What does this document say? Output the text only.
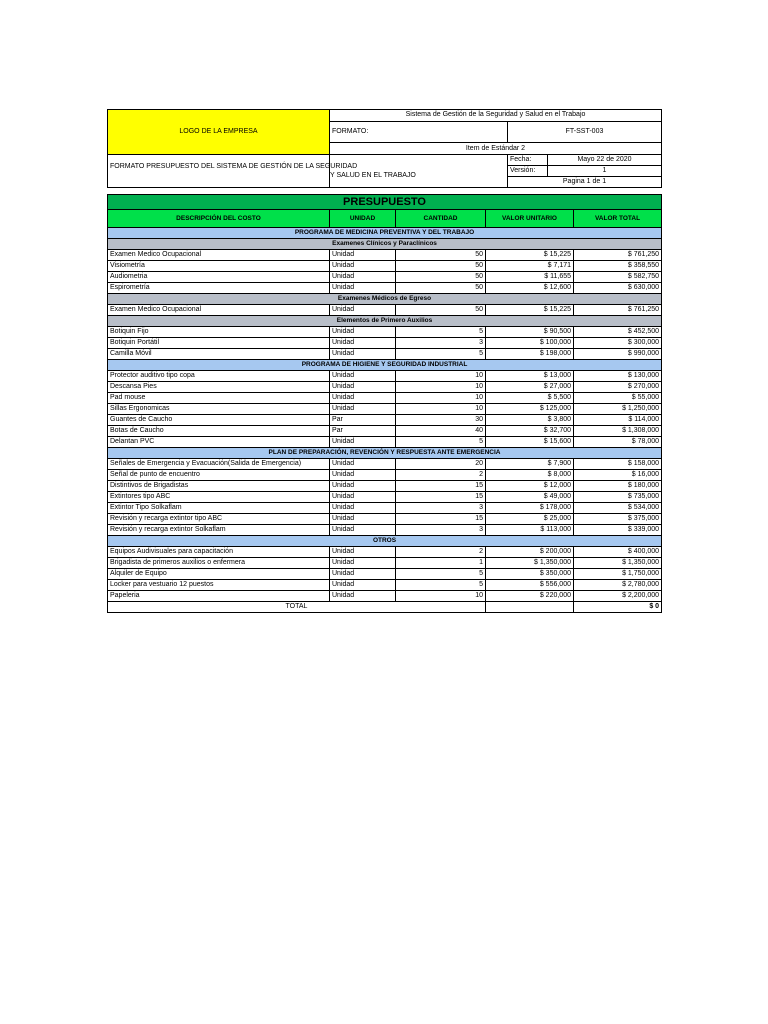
LOGO DE LA EMPRESA	Sistema de Gestión de la Seguridad y Salud en el Trabajo		
	FORMATO:	FT-SST-003	
	Item de Estándar 2		

FORMATO PRESUPUESTO DEL SISTEMA DE GESTIÓN DE LA SEGURIDAD
Y SALUD EN EL TRABAJO		Fecha:	Mayo 22 de 2020
		Versión:	1
		Pagina 1 de 1	
PRESUPUESTO				
DESCRIPCIÓN DEL COSTO	UNIDAD	CANTIDAD	VALOR UNITARIO	VALOR TOTAL
PROGRAMA DE MEDICINA PREVENTIVA Y DEL TRABAJO				
Examenes Clínicos y Paraclínicos				
Examen Medico Ocupacional	Unidad	50	$ 15,225	$ 761,250
Visiometría	Unidad	50	$ 7,171	$ 358,550
Audiometria	Unidad	50	$ 11,655	$ 582,750
Espirometría	Unidad	50	$ 12,600	$ 630,000
Examenes Médicos de Egreso				
Examen Medico Ocupacional	Unidad	50	$ 15,225	$ 761,250
Elementos de Primero Auxilios				
Botiquin Fijo	Unidad	5	$ 90,500	$ 452,500
Botiquin Portátil	Unidad	3	$ 100,000	$ 300,000
Camilla Móvil	Unidad	5	$ 198,000	$ 990,000
PROGRAMA DE HIGIENE Y SEGURIDAD INDUSTRIAL				
Protector auditivo tipo copa	Unidad	10	$ 13,000	$ 130,000
Descansa Pies	Unidad	10	$ 27,000	$ 270,000
Pad mouse	Unidad	10	$ 5,500	$ 55,000
Sillas Ergonomicas	Unidad	10	$ 125,000	$ 1,250,000
Guantes de Caucho	Par	30	$ 3,800	$ 114,000
Botas de Caucho	Par	40	$ 32,700	$ 1,308,000
Delantan PVC	Unidad	5	$ 15,600	$ 78,000
PLAN DE PREPARACIÓN, REVENCIÓN Y RESPUESTA ANTE EMERGENCIA				
Señales de Emergencia y Evacuación(Salida de Emergencia)	Unidad	20	$ 7,900	$ 158,000
Señal de punto de encuentro	Unidad	2	$ 8,000	$ 16,000
Distintivos de Brigadistas	Unidad	15	$ 12,000	$ 180,000
Extintores tipo ABC	Unidad	15	$ 49,000	$ 735,000
Extintor Tipo Solkaflam	Unidad	3	$ 178,000	$ 534,000
Revisión y recarga extintor tipo ABC	Unidad	15	$ 25,000	$ 375,000
Revisión y recarga extintor Solkaflam	Unidad	3	$ 113,000	$ 339,000
OTROS				
Equipos Audivisuales para capacitación	Unidad	2	$ 200,000	$ 400,000
Brigadista de primeros auxilios o enfermera	Unidad	1	$ 1,350,000	$ 1,350,000
Alquiler de Equipo	Unidad	5	$ 350,000	$ 1,750,000
Locker para vestuario 12 puestos	Unidad	5	$ 556,000	$ 2,780,000
Papeleria	Unidad	10	$ 220,000	$ 2,200,000
TOTAL				$ 0
